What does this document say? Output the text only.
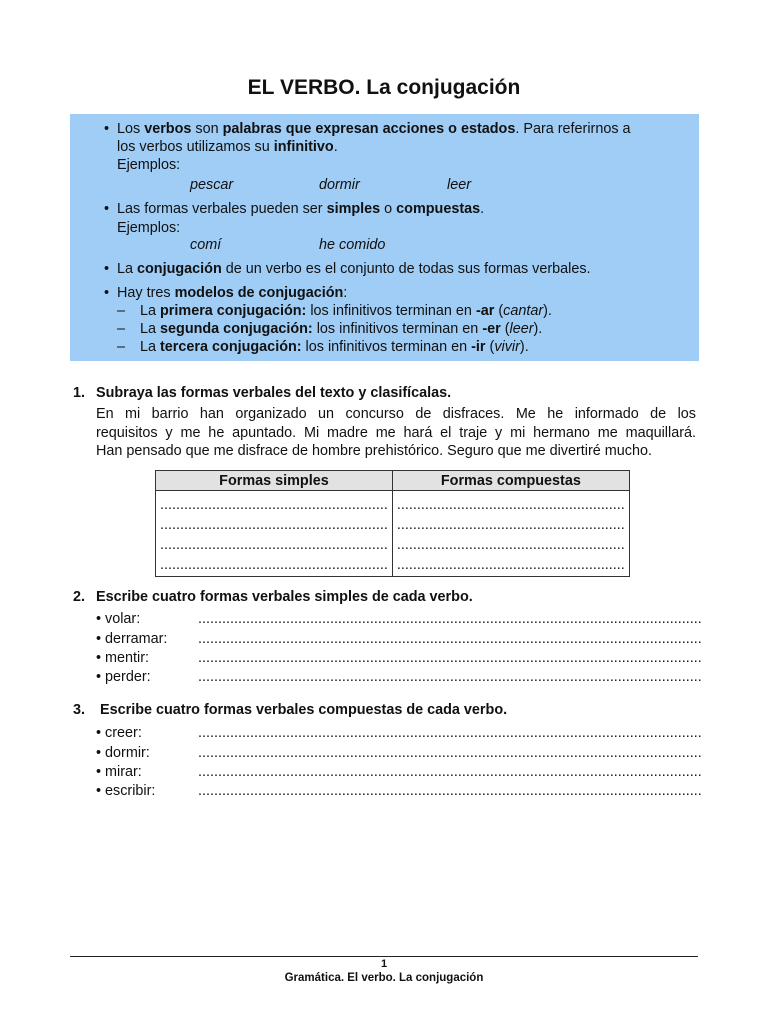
EL VERBO. La conjugación
• Los verbos son palabras que expresan acciones o estados. Para referirnos a
los verbos utilizamos su infinitivo.
Ejemplos:
pescar	dormir	leer
• Las formas verbales pueden ser simples o compuestas.
Ejemplos:
comí	he comido
• La conjugación de un verbo es el conjunto de todas sus formas verbales.
• Hay tres modelos de conjugación:
– La primera conjugación: los infinitivos terminan en -ar (cantar).
– La segunda conjugación: los infinitivos terminan en -er (leer).
– La tercera conjugación: los infinitivos terminan en -ir (vivir).
1. Subraya las formas verbales del texto y clasifícalas.
En mi barrio han organizado un concurso de disfraces. Me he informado de los
requisitos y me he apuntado. Mi madre me hará el traje y mi hermano me maquillará.
Han pensado que me disfrace de hombre prehistórico. Seguro que me divertiré mucho.
Formas simples	Formas compuestas
.........................................................	.........................................................
.........................................................	.........................................................
.........................................................	.........................................................
.........................................................	.........................................................
2. Escribe cuatro formas verbales simples de cada verbo.
• volar:	..............................................................................................................................
• derramar: ..............................................................................................................................
• mentir:	..............................................................................................................................
• perder:	..............................................................................................................................
3. Escribe cuatro formas verbales compuestas de cada verbo.
• creer:	..............................................................................................................................
• dormir:	..............................................................................................................................
• mirar:	..............................................................................................................................
• escribir:	..............................................................................................................................
1
Gramática. El verbo. La conjugación
